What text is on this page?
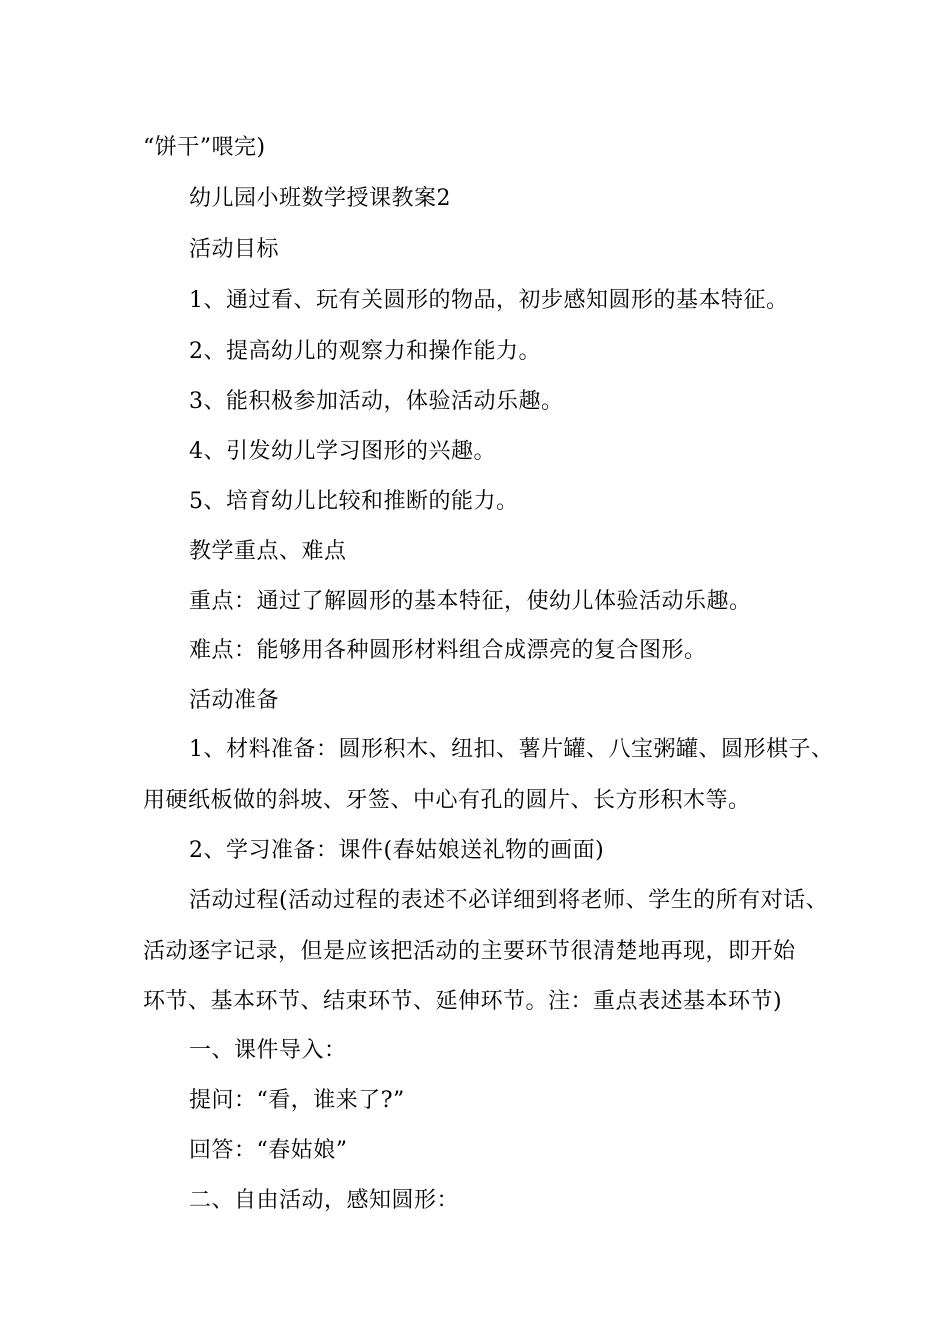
“饼干”喂完)
幼儿园小班数学授课教案2
活动目标
1、通过看、玩有关圆形的物品，初步感知圆形的基本特征。
2、提高幼儿的观察力和操作能力。
3、能积极参加活动，体验活动乐趣。
4、引发幼儿学习图形的兴趣。
5、培育幼儿比较和推断的能力。
教学重点、难点
重点：通过了解圆形的基本特征，使幼儿体验活动乐趣。
难点：能够用各种圆形材料组合成漂亮的复合图形。
活动准备
1、材料准备：圆形积木、纽扣、薯片罐、八宝粥罐、圆形棋子、
用硬纸板做的斜坡、牙签、中心有孔的圆片、长方形积木等。
2、学习准备：课件(春姑娘送礼物的画面)
活动过程(活动过程的表述不必详细到将老师、学生的所有对话、
活动逐字记录，但是应该把活动的主要环节很清楚地再现，即开始
环节、基本环节、结束环节、延伸环节。注：重点表述基本环节)
一、课件导入：
提问：“看，谁来了?”
回答：“春姑娘”
二、自由活动，感知圆形：
